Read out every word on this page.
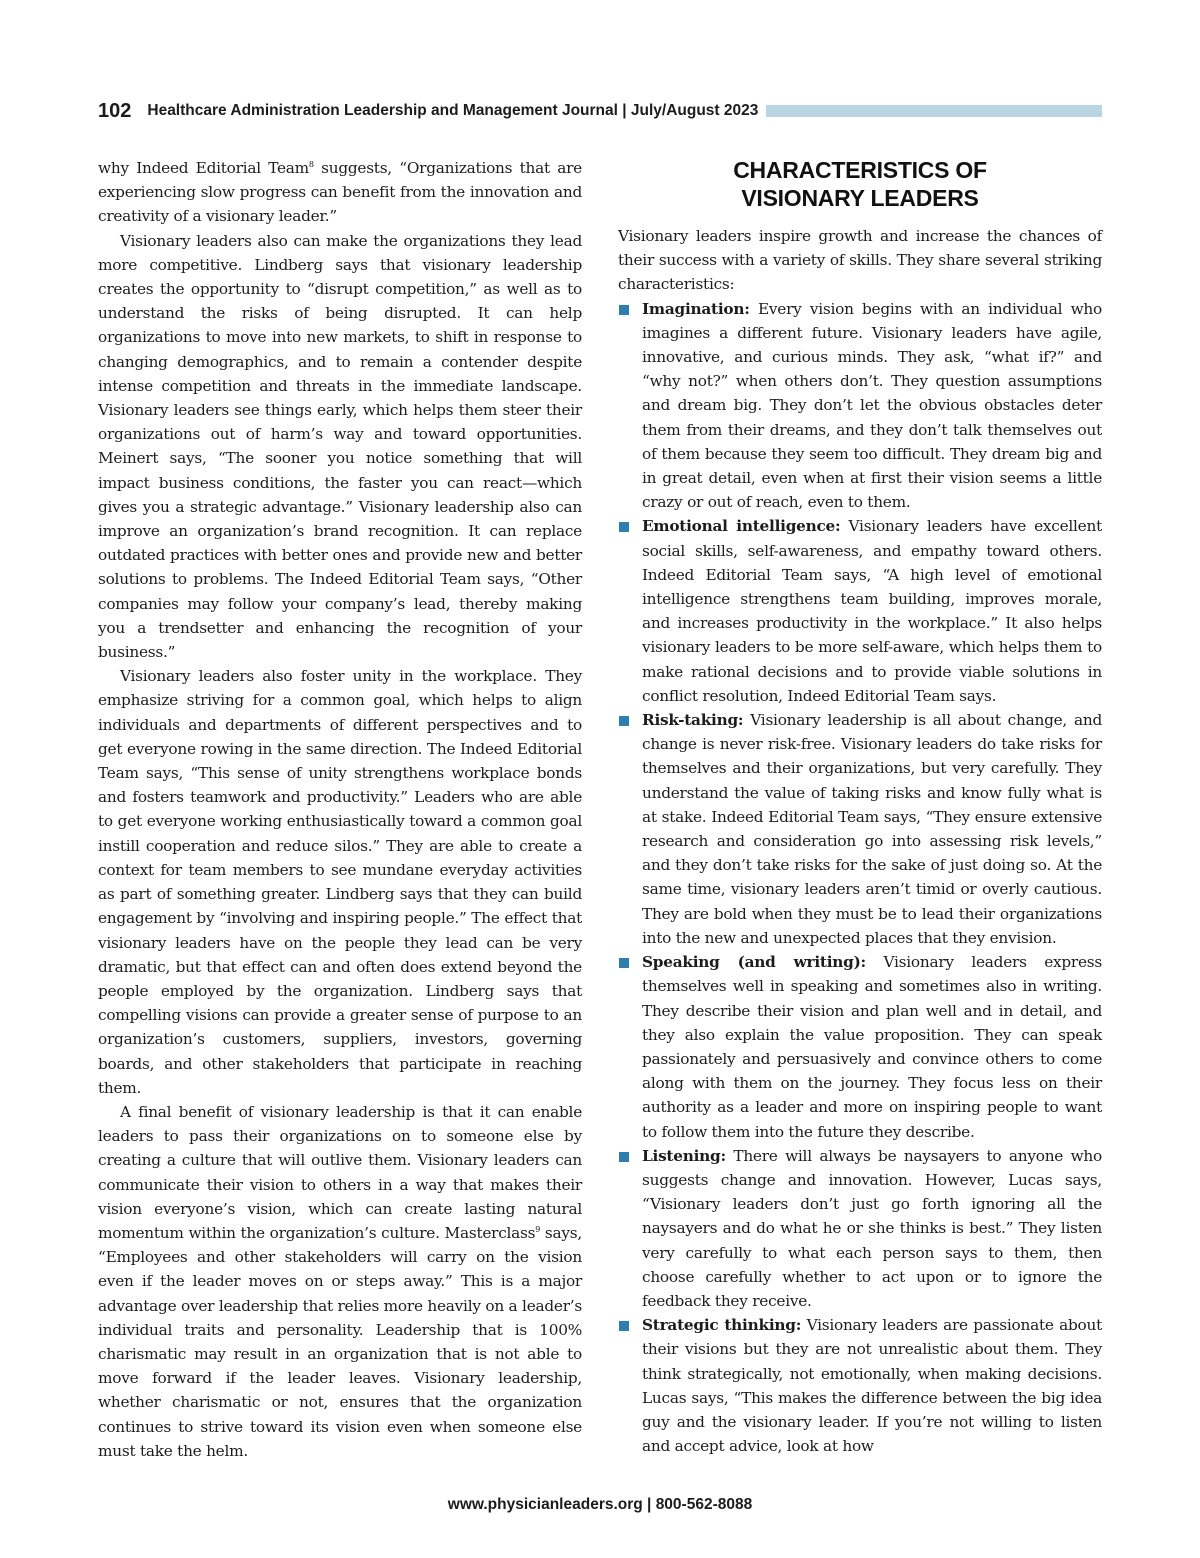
102 Healthcare Administration Leadership and Management Journal | July/August 2023

why Indeed Editorial Team$^8$ suggests, “Organizations that are experiencing slow progress can benefit from the innovation and creativity of a visionary leader.”

Visionary leaders also can make the organizations they lead more competitive. Lindberg says that visionary leadership creates the opportunity to “disrupt competition,” as well as to understand the risks of being disrupted. It can help organizations to move into new markets, to shift in response to changing demographics, and to remain a contender despite intense competition and threats in the immediate landscape. Visionary leaders see things early, which helps them steer their organizations out of harm’s way and toward opportunities. Meinert says, “The sooner you notice something that will impact business conditions, the faster you can react—which gives you a strategic advantage.” Visionary leadership also can improve an organization’s brand recognition. It can replace outdated practices with better ones and provide new and better solutions to problems. The Indeed Editorial Team says, “Other companies may follow your company’s lead, thereby making you a trendsetter and enhancing the recognition of your business.”

Visionary leaders also foster unity in the workplace. They emphasize striving for a common goal, which helps to align individuals and departments of different perspectives and to get everyone rowing in the same direction. The Indeed Editorial Team says, “This sense of unity strengthens workplace bonds and fosters teamwork and productivity.” Leaders who are able to get everyone working enthusiastically toward a common goal instill cooperation and reduce silos.” They are able to create a context for team members to see mundane everyday activities as part of something greater. Lindberg says that they can build engagement by “involving and inspiring people.” The effect that visionary leaders have on the people they lead can be very dramatic, but that effect can and often does extend beyond the people employed by the organization. Lindberg says that compelling visions can provide a greater sense of purpose to an organization’s customers, suppliers, investors, governing boards, and other stakeholders that participate in reaching them.

A final benefit of visionary leadership is that it can enable leaders to pass their organizations on to someone else by creating a culture that will outlive them. Visionary leaders can communicate their vision to others in a way that makes their vision everyone’s vision, which can create lasting natural momentum within the organization’s culture. Masterclass$^9$ says, “Employees and other stakeholders will carry on the vision even if the leader moves on or steps away.” This is a major advantage over leadership that relies more heavily on a leader’s individual traits and personality. Leadership that is 100% charismatic may result in an organization that is not able to move forward if the leader leaves. Visionary leadership, whether charismatic or not, ensures that the organization continues to strive toward its vision even when someone else must take the helm.

CHARACTERISTICS OF
VISIONARY LEADERS

Visionary leaders inspire growth and increase the chances of their success with a variety of skills. They share several striking characteristics:

Imagination: Every vision begins with an individual who imagines a different future. Visionary leaders have agile, innovative, and curious minds. They ask, “what if?” and “why not?” when others don’t. They question assumptions and dream big. They don’t let the obvious obstacles deter them from their dreams, and they don’t talk themselves out of them because they seem too difficult. They dream big and in great detail, even when at first their vision seems a little crazy or out of reach, even to them.
Emotional intelligence: Visionary leaders have excellent social skills, self-awareness, and empathy toward others. Indeed Editorial Team says, “A high level of emotional intelligence strengthens team building, improves morale, and increases productivity in the workplace.” It also helps visionary leaders to be more self-aware, which helps them to make rational decisions and to provide viable solutions in conflict resolution, Indeed Editorial Team says.
Risk-taking: Visionary leadership is all about change, and change is never risk-free. Visionary leaders do take risks for themselves and their organizations, but very carefully. They understand the value of taking risks and know fully what is at stake. Indeed Editorial Team says, “They ensure extensive research and consideration go into assessing risk levels,” and they don’t take risks for the sake of just doing so. At the same time, visionary leaders aren’t timid or overly cautious. They are bold when they must be to lead their organizations into the new and unexpected places that they envision.
Speaking (and writing): Visionary leaders express themselves well in speaking and sometimes also in writing. They describe their vision and plan well and in detail, and they also explain the value proposition. They can speak passionately and persuasively and convince others to come along with them on the journey. They focus less on their authority as a leader and more on inspiring people to want to follow them into the future they describe.
Listening: There will always be naysayers to anyone who suggests change and innovation. However, Lucas says, “Visionary leaders don’t just go forth ignoring all the naysayers and do what he or she thinks is best.” They listen very carefully to what each person says to them, then choose carefully whether to act upon or to ignore the feedback they receive.
Strategic thinking: Visionary leaders are passionate about their visions but they are not unrealistic about them. They think strategically, not emotionally, when making decisions. Lucas says, “This makes the difference between the big idea guy and the visionary leader. If you’re not willing to listen and accept advice, look at how
www.physicianleaders.org | 800-562-8088
